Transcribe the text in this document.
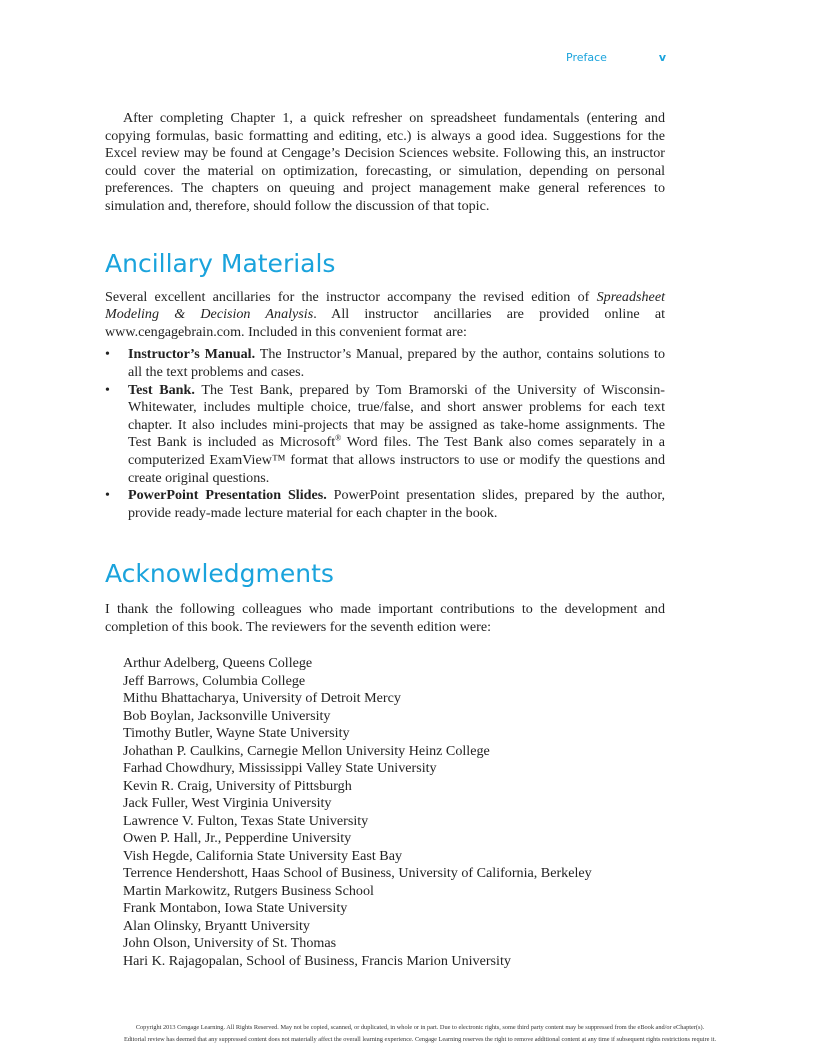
Preface	v

After completing Chapter 1, a quick refresher on spreadsheet fundamentals (entering and copying formulas, basic formatting and editing, etc.) is always a good idea. Suggestions for the Excel review may be found at Cengage’s Decision Sciences website. Following this, an instructor could cover the material on optimization, forecasting, or simulation, depending on personal preferences. The chapters on queuing and project management make general references to simulation and, therefore, should follow the discussion of that topic.

Ancillary Materials

Several excellent ancillaries for the instructor accompany the revised edition of Spreadsheet Modeling & Decision Analysis. All instructor ancillaries are provided online at www.cengagebrain.com. Included in this convenient format are:

• Instructor’s Manual. The Instructor’s Manual, prepared by the author, contains solutions to all the text problems and cases.
• Test Bank. The Test Bank, prepared by Tom Bramorski of the University of Wisconsin-Whitewater, includes multiple choice, true/false, and short answer problems for each text chapter. It also includes mini-projects that may be assigned as take-home assignments. The Test Bank is included as Microsoft® Word files. The Test Bank also comes separately in a computerized ExamView™ format that allows instructors to use or modify the questions and create original questions.
• PowerPoint Presentation Slides. PowerPoint presentation slides, prepared by the author, provide ready-made lecture material for each chapter in the book.
Acknowledgments

I thank the following colleagues who made important contributions to the development and completion of this book. The reviewers for the seventh edition were:

Arthur Adelberg, Queens College
Jeff Barrows, Columbia College
Mithu Bhattacharya, University of Detroit Mercy
Bob Boylan, Jacksonville University
Timothy Butler, Wayne State University
Johathan P. Caulkins, Carnegie Mellon University Heinz College
Farhad Chowdhury, Mississippi Valley State University
Kevin R. Craig, University of Pittsburgh
Jack Fuller, West Virginia University
Lawrence V. Fulton, Texas State University
Owen P. Hall, Jr., Pepperdine University
Vish Hegde, California State University East Bay
Terrence Hendershott, Haas School of Business, University of California, Berkeley
Martin Markowitz, Rutgers Business School
Frank Montabon, Iowa State University
Alan Olinsky, Bryantt University
John Olson, University of St. Thomas
Hari K. Rajagopalan, School of Business, Francis Marion University
Copyright 2013 Cengage Learning. All Rights Reserved. May not be copied, scanned, or duplicated, in whole or in part. Due to electronic rights, some third party content may be suppressed from the eBook and/or eChapter(s).
Editorial review has deemed that any suppressed content does not materially affect the overall learning experience. Cengage Learning reserves the right to remove additional content at any time if subsequent rights restrictions require it.
